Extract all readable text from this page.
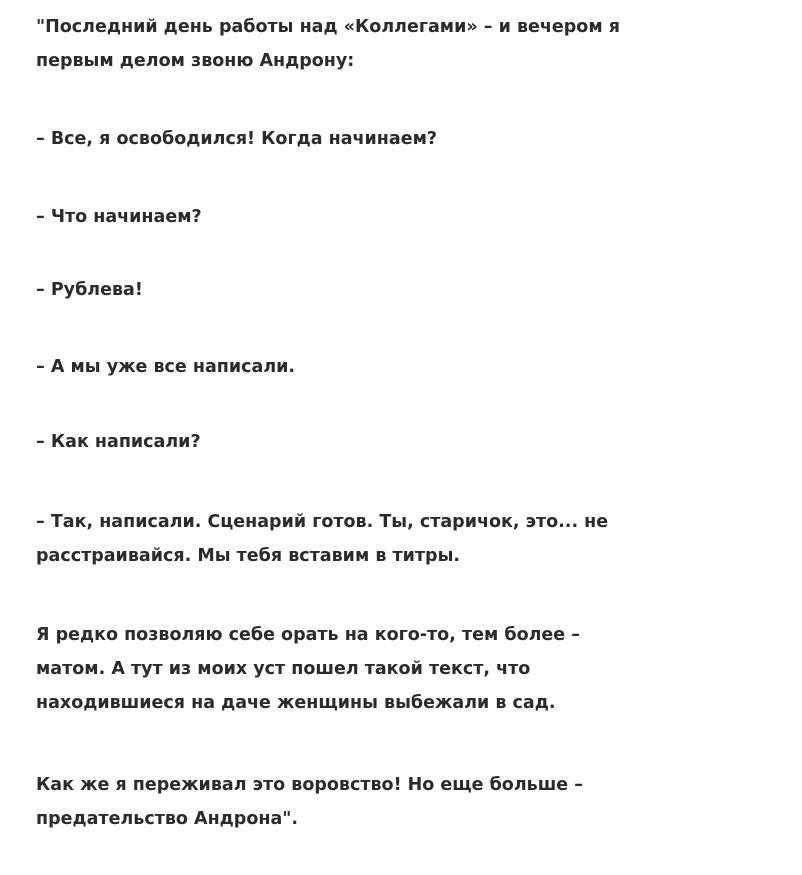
"Последний день работы над «Коллегами» – и вечером я
первым делом звоню Андрону:

– Все, я освободился! Когда начинаем?

– Что начинаем?

– Рублева!

– А мы уже все написали.

– Как написали?

– Так, написали. Сценарий готов. Ты, старичок, это... не
расстраивайся. Мы тебя вставим в титры.

Я редко позволяю себе орать на кого-то, тем более –
матом. А тут из моих уст пошел такой текст, что
находившиеся на даче женщины выбежали в сад.

Как же я переживал это воровство! Но еще больше –
предательство Андрона".
